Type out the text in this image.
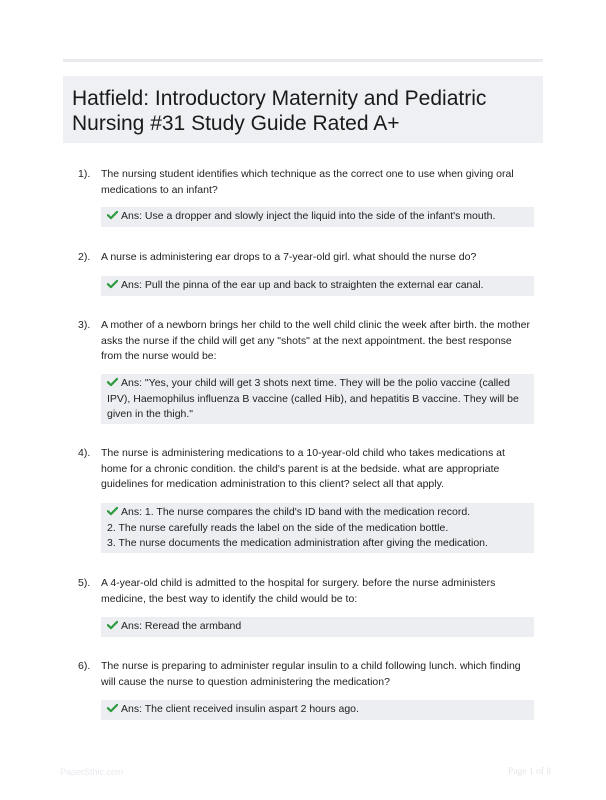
Hatfield: Introductory Maternity and Pediatric Nursing #31 Study Guide Rated A+
1). The nursing student identifies which technique as the correct one to use when giving oral medications to an infant?

Ans: Use a dropper and slowly inject the liquid into the side of the infant's mouth.
2). A nurse is administering ear drops to a 7-year-old girl. what should the nurse do?

Ans: Pull the pinna of the ear up and back to straighten the external ear canal.
3). A mother of a newborn brings her child to the well child clinic the week after birth. the mother asks the nurse if the child will get any "shots" at the next appointment. the best response from the nurse would be:

Ans: "Yes, your child will get 3 shots next time. They will be the polio vaccine (called IPV), Haemophilus influenza B vaccine (called Hib), and hepatitis B vaccine. They will be given in the thigh."
4). The nurse is administering medications to a 10-year-old child who takes medications at home for a chronic condition. the child's parent is at the bedside. what are appropriate guidelines for medication administration to this client? select all that apply.

Ans: 1. The nurse compares the child's ID band with the medication record.
2. The nurse carefully reads the label on the side of the medication bottle.
3. The nurse documents the medication administration after giving the medication.
5). A 4-year-old child is admitted to the hospital for surgery. before the nurse administers medicine, the best way to identify the child would be to:

Ans: Reread the armband
6). The nurse is preparing to administer regular insulin to a child following lunch. which finding will cause the nurse to question administering the medication?

Ans: The client received insulin aspart 2 hours ago.
PaperSthic.com	Page 1 of 8
